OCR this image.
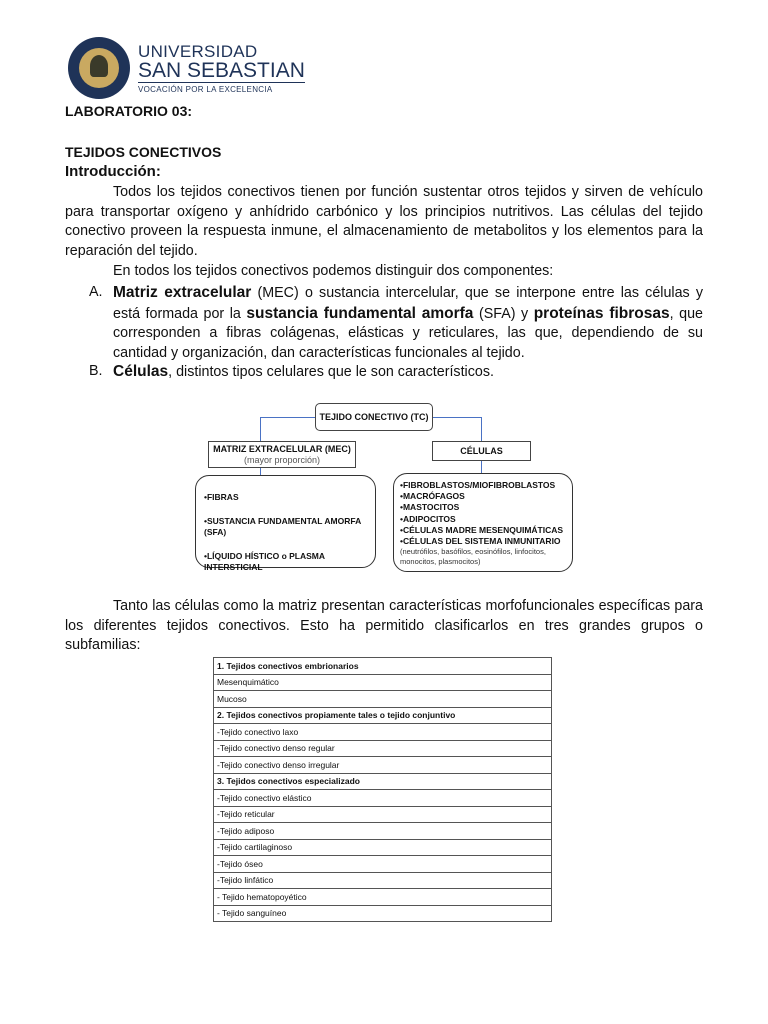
UNIVERSIDAD
SAN SEBASTIAN
VOCACIÓN POR LA EXCELENCIA
LABORATORIO 03:
TEJIDOS CONECTIVOS
Introducción:
Todos los tejidos conectivos tienen por función sustentar otros tejidos y sirven de vehículo para transportar oxígeno y anhídrido carbónico y los principios nutritivos. Las células del tejido conectivo proveen la respuesta inmune, el almacenamiento de metabolitos y los elementos para la reparación del tejido.
En todos los tejidos conectivos podemos distinguir dos componentes:
A. Matriz extracelular (MEC) o sustancia intercelular, que se interpone entre las células y está formada por la sustancia fundamental amorfa (SFA) y proteínas fibrosas, que corresponden a fibras colágenas, elásticas y reticulares, las que, dependiendo de su cantidad y organización, dan características funcionales al tejido.
B. Células, distintos tipos celulares que le son característicos.
TEJIDO CONECTIVO (TC)
MATRIZ EXTRACELULAR (MEC)
(mayor proporción)
CÉLULAS
•FIBRAS
•SUSTANCIA FUNDAMENTAL AMORFA (SFA)
•LÍQUIDO HÍSTICO o PLASMA INTERSTICIAL
•FIBROBLASTOS/MIOFIBROBLASTOS
•MACRÓFAGOS
•MASTOCITOS
•ADIPOCITOS
•CÉLULAS MADRE MESENQUIMÁTICAS
•CÉLULAS DEL SISTEMA INMUNITARIO
(neutrófilos, basófilos, eosinófilos, linfocitos, monocitos, plasmocitos)
Tanto las células como la matriz presentan características morfofuncionales específicas para los diferentes tejidos conectivos. Esto ha permitido clasificarlos en tres grandes grupos o subfamilias:
1. Tejidos conectivos embrionarios
Mesenquimático
Mucoso
2. Tejidos conectivos propiamente tales o tejido conjuntivo
-Tejido conectivo laxo
-Tejido conectivo denso regular
-Tejido conectivo denso irregular
3. Tejidos conectivos especializado
-Tejido conectivo elástico
-Tejido reticular
-Tejido adiposo
-Tejido cartilaginoso
-Tejido óseo
-Tejido linfático
- Tejido hematopoyético
- Tejido sanguíneo
